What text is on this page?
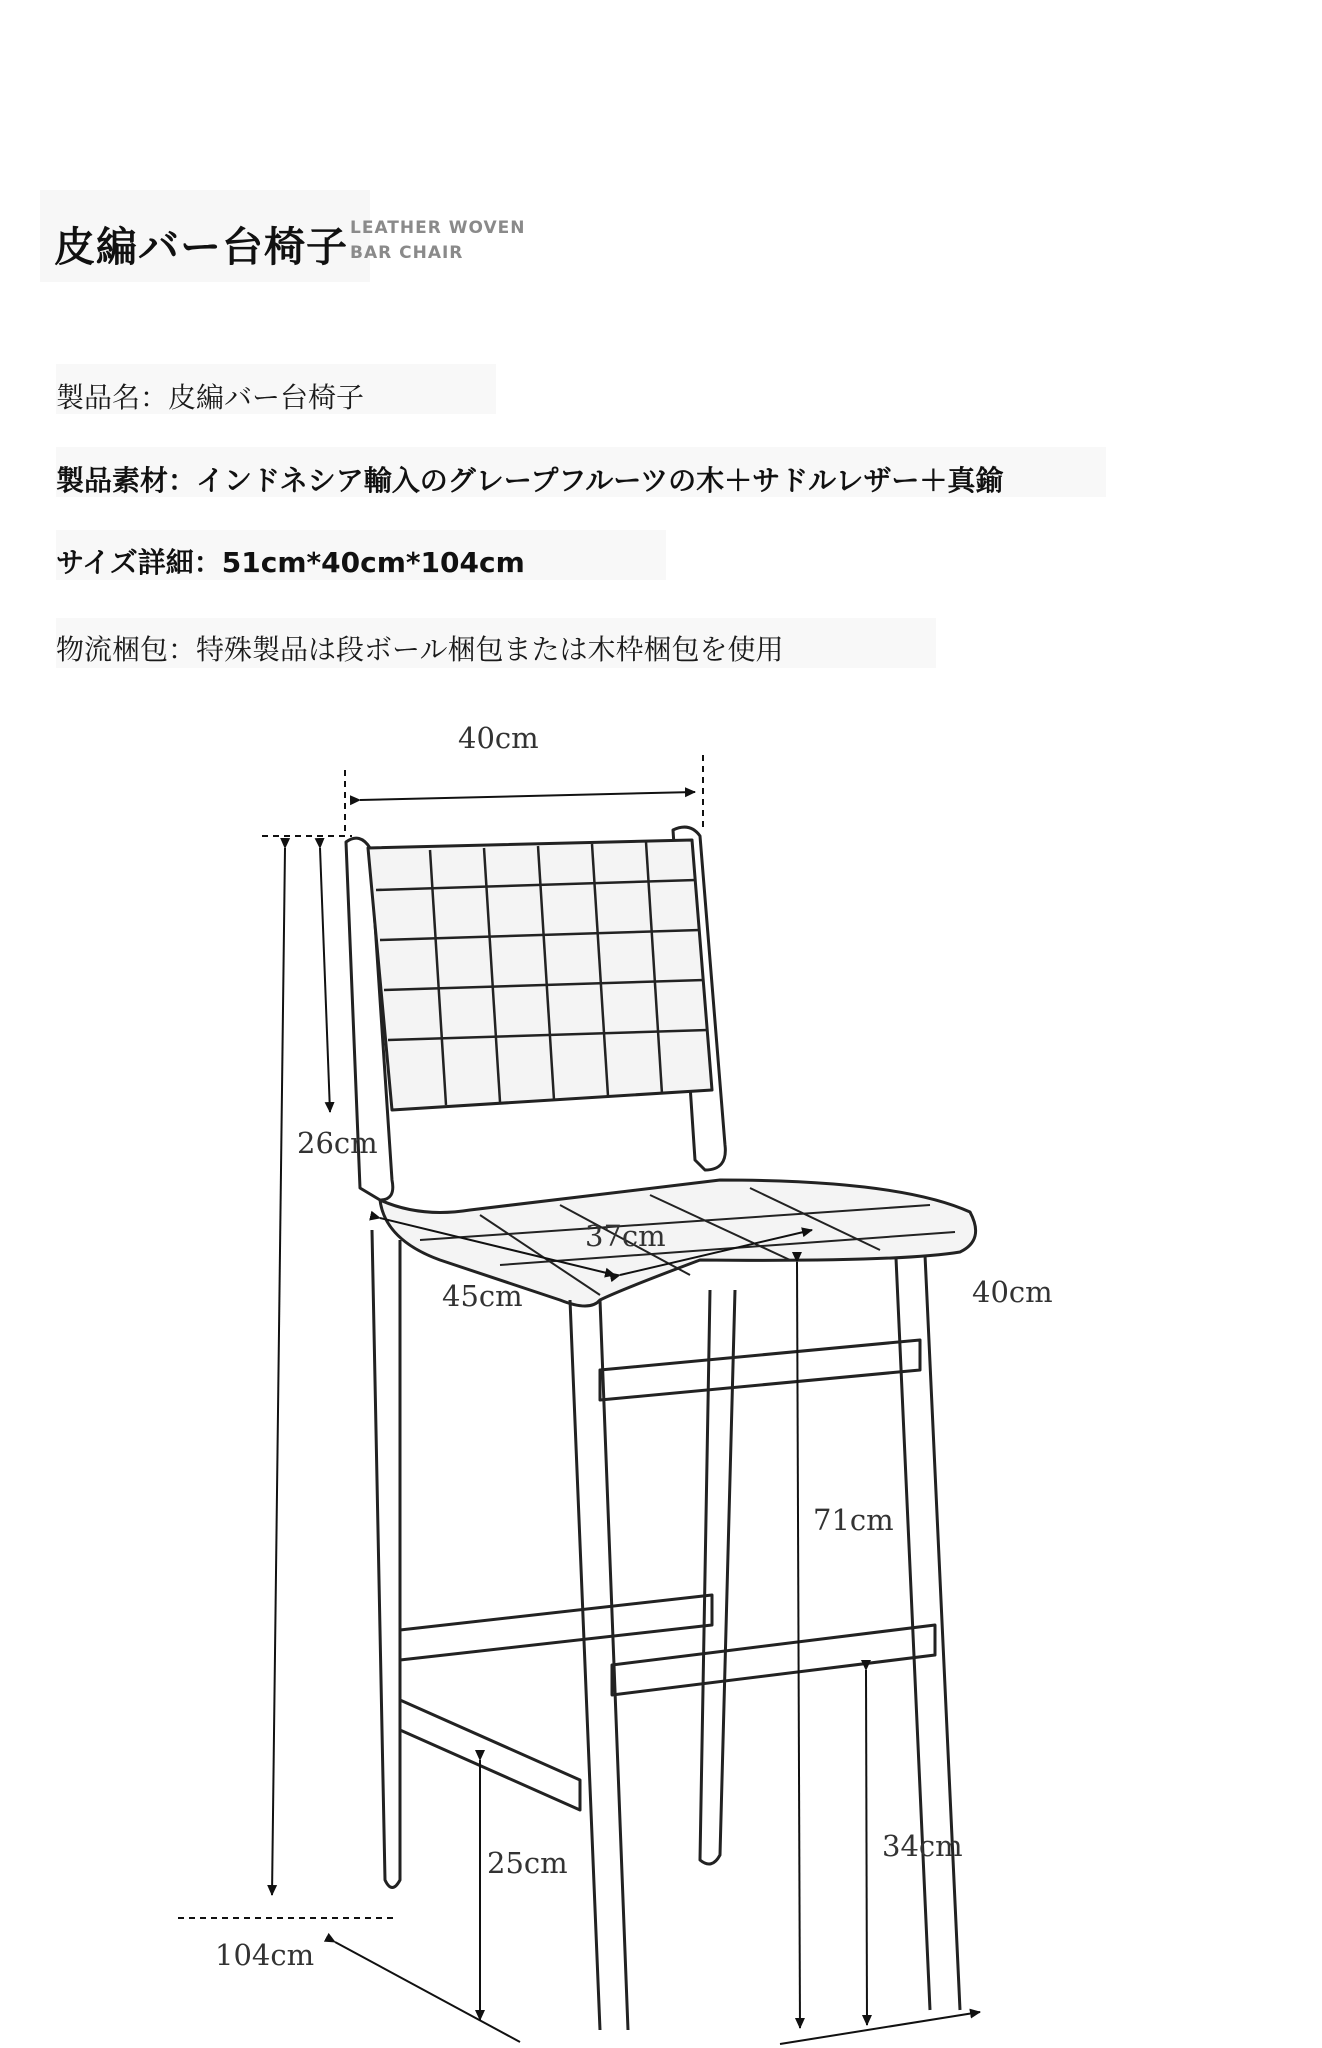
皮編バー台椅子 LEATHER WOVEN
BAR CHAIR
製品名：皮編バー台椅子
製品素材：インドネシア輸入のグレープフルーツの木＋サドルレザー＋真鍮
サイズ詳細：51cm*40cm*104cm
物流梱包：特殊製品は段ボール梱包または木枠梱包を使用
40cm
26cm
37cm
45cm	40cm
71cm
25cm	34cm
104cm
